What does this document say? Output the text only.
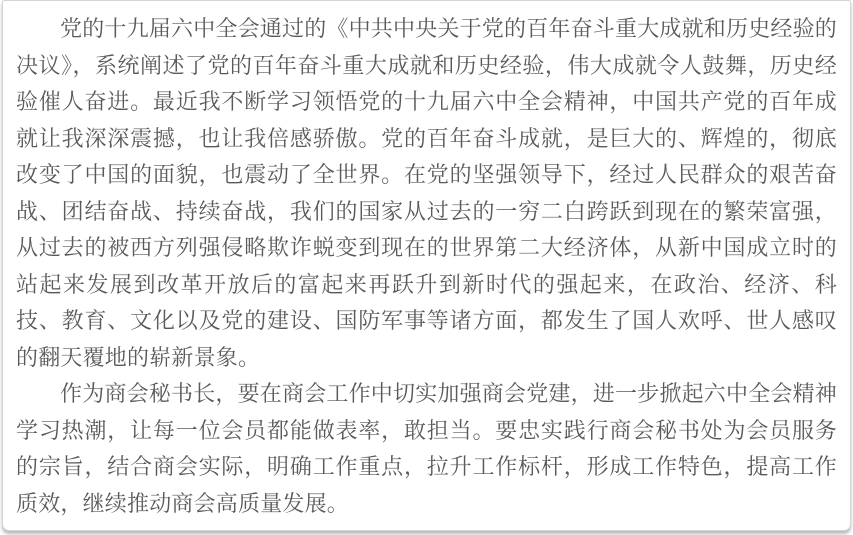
党的十九届六中全会通过的《中共中央关于党的百年奋斗重大成就和历史经验的决议》，系统阐述了党的百年奋斗重大成就和历史经验，伟大成就令人鼓舞，历史经验催人奋进。最近我不断学习领悟党的十九届六中全会精神，中国共产党的百年成就让我深深震撼，也让我倍感骄傲。党的百年奋斗成就，是巨大的、辉煌的，彻底改变了中国的面貌，也震动了全世界。在党的坚强领导下，经过人民群众的艰苦奋战、团结奋战、持续奋战，我们的国家从过去的一穷二白跨跃到现在的繁荣富强，从过去的被西方列强侵略欺诈蜕变到现在的世界第二大经济体，从新中国成立时的站起来发展到改革开放后的富起来再跃升到新时代的强起来，在政治、经济、科技、教育、文化以及党的建设、国防军事等诸方面，都发生了国人欢呼、世人感叹的翻天覆地的崭新景象。

作为商会秘书长，要在商会工作中切实加强商会党建，进一步掀起六中全会精神学习热潮，让每一位会员都能做表率，敢担当。要忠实践行商会秘书处为会员服务的宗旨，结合商会实际，明确工作重点，拉升工作标杆，形成工作特色，提高工作质效，继续推动商会高质量发展。
